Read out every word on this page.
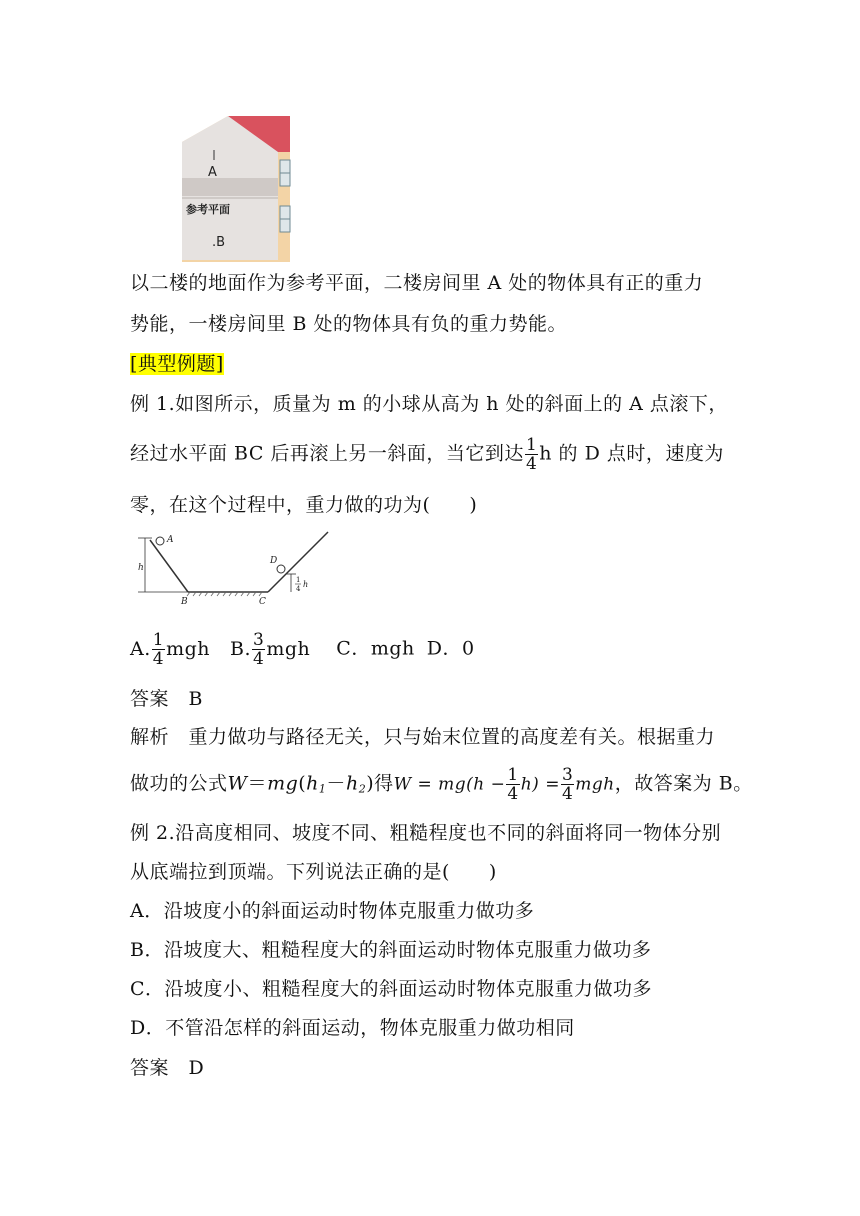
A
参考平面
.B
以二楼的地面作为参考平面，二楼房间里 A 处的物体具有正的重力
势能，一楼房间里 B 处的物体具有负的重力势能。
[典型例题]
例 1.如图所示，质量为 m 的小球从高为 h 处的斜面上的 A 点滚下，
经过水平面 BC 后再滚上另一斜面，当它到达 $\frac{1}{4}$ h 的 D 点时，速度为
零，在这个过程中，重力做的功为(　　)
A
h
B	C
D
1
4 h
A. $\frac{1}{4}$ mgh B. $\frac{3}{4}$ mgh C．mgh D．0
答案　B
解析　重力做功与路径无关，只与始末位置的高度差有关。根据重力
做功的公式$W=mg(h_1-h_2)$得$W = mg(h - \frac{1}{4} h) = \frac{3}{4}$ mgh，故答案为 B。
例 2.沿高度相同、坡度不同、粗糙程度也不同的斜面将同一物体分别
从底端拉到顶端。下列说法正确的是(　　)
A．沿坡度小的斜面运动时物体克服重力做功多
B．沿坡度大、粗糙程度大的斜面运动时物体克服重力做功多
C．沿坡度小、粗糙程度大的斜面运动时物体克服重力做功多
D．不管沿怎样的斜面运动，物体克服重力做功相同
答案　D
